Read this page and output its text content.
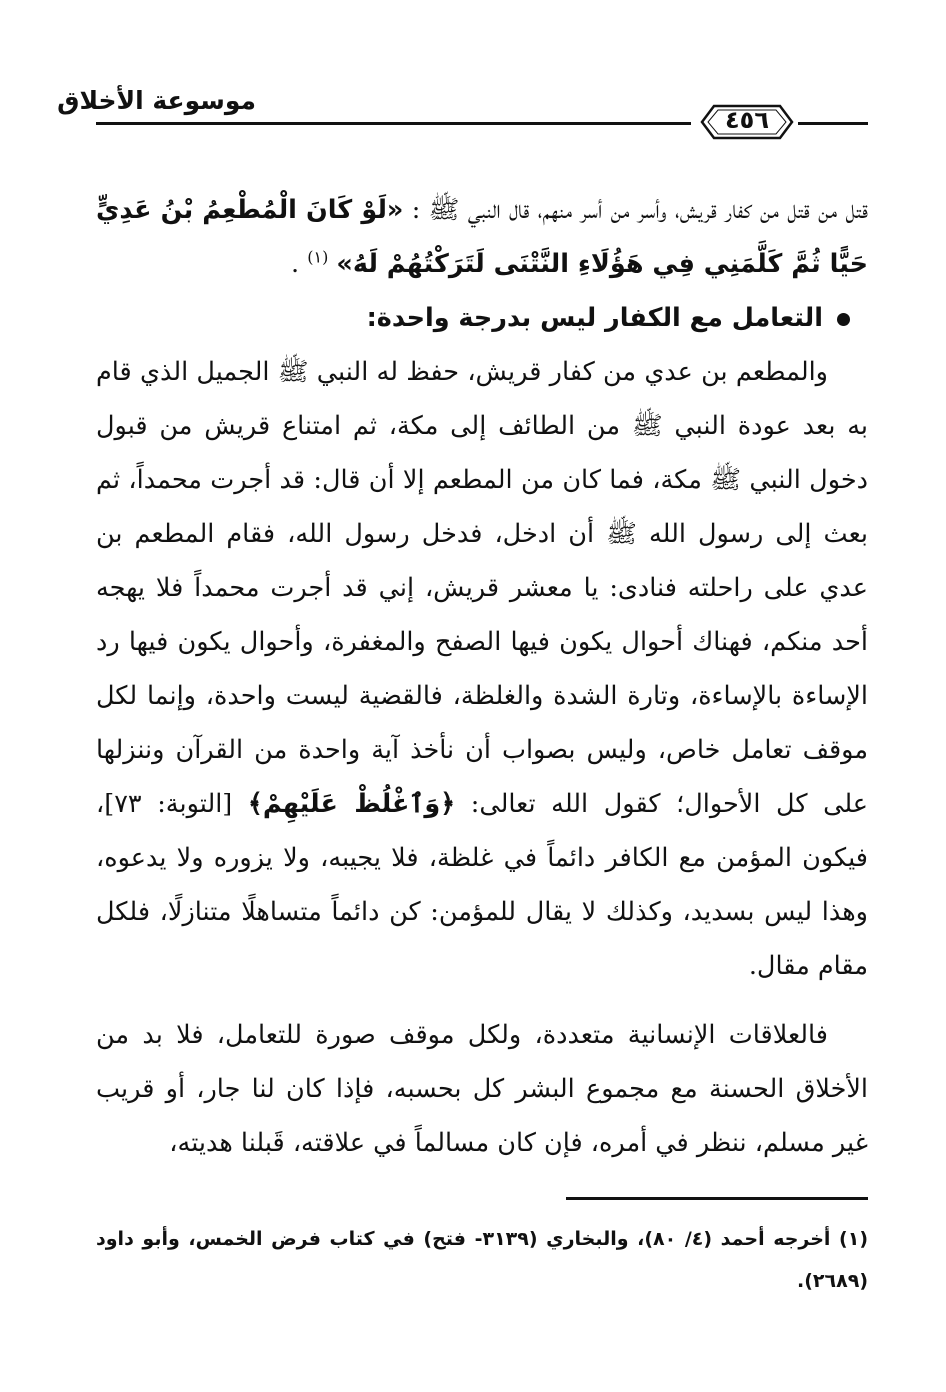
موسوعة الأخلاق
٤٥٦

قتل من قتل من كفار قريش، وأسر من أسر منهم، قال النبي ﷺ : «لَوْ كَانَ الْمُطْعِمُ بْنُ عَدِيٍّ حَيًّا ثُمَّ كَلَّمَنِي فِي هَؤُلَاءِ النَّتْنَى لَتَرَكْتُهُمْ لَهُ» $^{(١)}$ .

التعامل مع الكفار ليس بدرجة واحدة:

والمطعم بن عدي من كفار قريش، حفظ له النبي ﷺ الجميل الذي قام به بعد عودة النبي ﷺ من الطائف إلى مكة، ثم امتناع قريش من قبول دخول النبي ﷺ مكة، فما كان من المطعم إلا أن قال: قد أجرت محمداً، ثم بعث إلى رسول الله ﷺ أن ادخل، فدخل رسول الله، فقام المطعم بن عدي على راحلته فنادى: يا معشر قريش، إني قد أجرت محمداً فلا يهجه أحد منكم، فهناك أحوال يكون فيها الصفح والمغفرة، وأحوال يكون فيها رد الإساءة بالإساءة، وتارة الشدة والغلظة، فالقضية ليست واحدة، وإنما لكل موقف تعامل خاص، وليس بصواب أن نأخذ آية واحدة من القرآن وننزلها على كل الأحوال؛ كقول الله تعالى: ﴿وَٱغْلُظْ عَلَيْهِمْ﴾ [التوبة: ٧٣]، فيكون المؤمن مع الكافر دائماً في غلظة، فلا يجيبه، ولا يزوره ولا يدعوه، وهذا ليس بسديد، وكذلك لا يقال للمؤمن: كن دائماً متساهلًا متنازلًا، فلكل مقام مقال.

فالعلاقات الإنسانية متعددة، ولكل موقف صورة للتعامل، فلا بد من الأخلاق الحسنة مع مجموع البشر كل بحسبه، فإذا كان لنا جار، أو قريب غير مسلم، ننظر في أمره، فإن كان مسالماً في علاقته، قَبلنا هديته،

(١) أخرجه أحمد (٤/ ٨٠)، والبخاري (٣١٣٩- فتح) في كتاب فرض الخمس، وأبو داود (٢٦٨٩).
